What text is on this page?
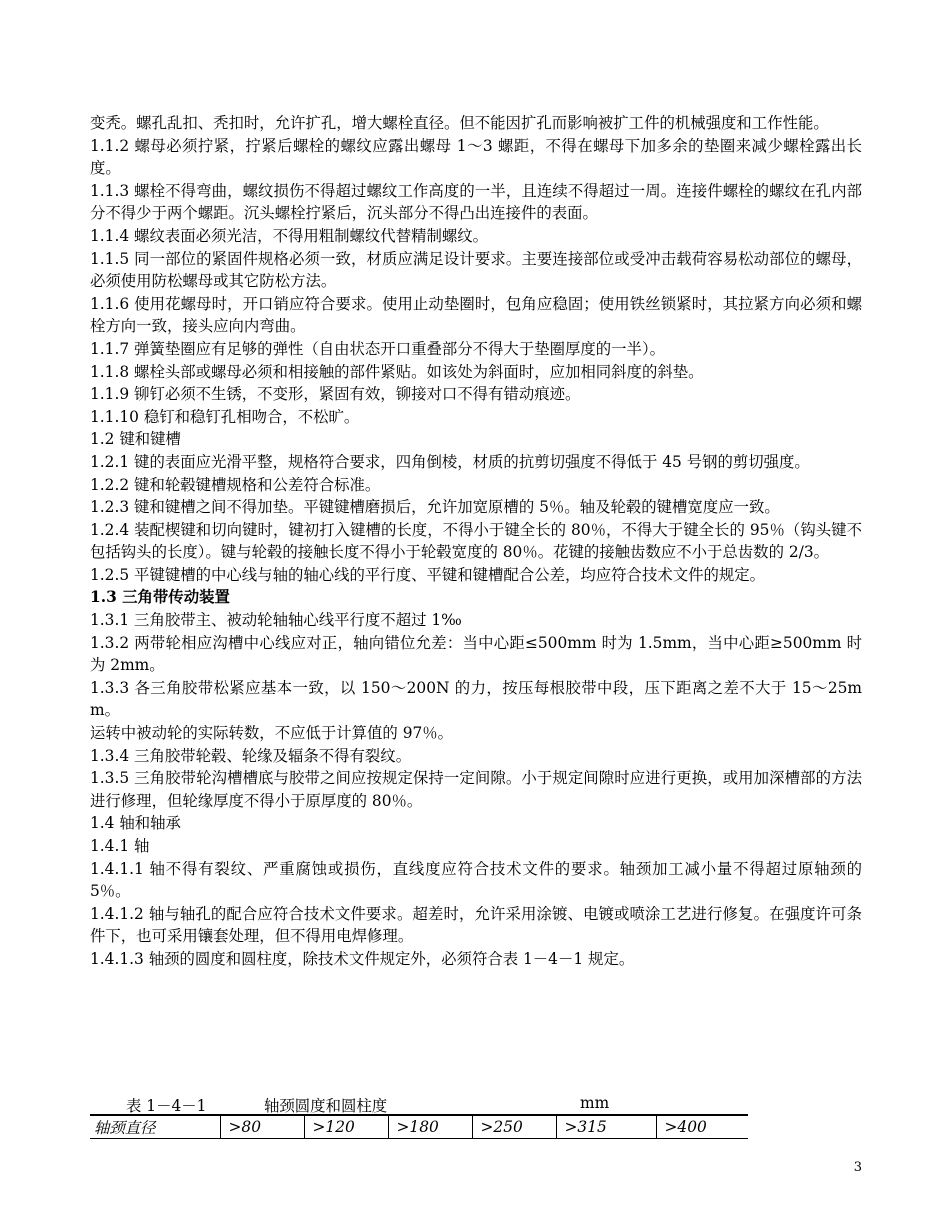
变秃。螺孔乱扣、秃扣时，允许扩孔，增大螺栓直径。但不能因扩孔而影响被扩工件的机械强度和工作性能。

1.1.2 螺母必须拧紧，拧紧后螺栓的螺纹应露出螺母 1～3 螺距，不得在螺母下加多余的垫圈来减少螺栓露出长度。

1.1.3 螺栓不得弯曲，螺纹损伤不得超过螺纹工作高度的一半，且连续不得超过一周。连接件螺栓的螺纹在孔内部分不得少于两个螺距。沉头螺栓拧紧后，沉头部分不得凸出连接件的表面。

1.1.4 螺纹表面必须光洁，不得用粗制螺纹代替精制螺纹。

1.1.5 同一部位的紧固件规格必须一致，材质应满足设计要求。主要连接部位或受冲击载荷容易松动部位的螺母，必须使用防松螺母或其它防松方法。

1.1.6 使用花螺母时，开口销应符合要求。使用止动垫圈时，包角应稳固；使用铁丝锁紧时，其拉紧方向必须和螺栓方向一致，接头应向内弯曲。

1.1.7 弹簧垫圈应有足够的弹性（自由状态开口重叠部分不得大于垫圈厚度的一半）。

1.1.8 螺栓头部或螺母必须和相接触的部件紧贴。如该处为斜面时，应加相同斜度的斜垫。

1.1.9 铆钉必须不生锈，不变形，紧固有效，铆接对口不得有错动痕迹。

1.1.10 稳钉和稳钉孔相吻合，不松旷。

1.2 键和键槽

1.2.1 键的表面应光滑平整，规格符合要求，四角倒棱，材质的抗剪切强度不得低于 45 号钢的剪切强度。

1.2.2 键和轮毂键槽规格和公差符合标准。

1.2.3 键和键槽之间不得加垫。平键键槽磨损后，允许加宽原槽的 5％。轴及轮毂的键槽宽度应一致。

1.2.4 装配楔键和切向键时，键初打入键槽的长度，不得小于键全长的 80％，不得大于键全长的 95％（钩头键不包括钩头的长度）。键与轮毂的接触长度不得小于轮毂宽度的 80％。花键的接触齿数应不小于总齿数的 2/3。

1.2.5 平键键槽的中心线与轴的轴心线的平行度、平键和键槽配合公差，均应符合技术文件的规定。

1.3 三角带传动装置

1.3.1 三角胶带主、被动轮轴轴心线平行度不超过 1‰

1.3.2 两带轮相应沟槽中心线应对正，轴向错位允差：当中心距≤500mm 时为 1.5mm，当中心距≥500mm 时为 2mm。

1.3.3 各三角胶带松紧应基本一致，以 150～200N 的力，按压每根胶带中段，压下距离之差不大于 15～25mm。

运转中被动轮的实际转数，不应低于计算值的 97％。

1.3.4 三角胶带轮毂、轮缘及辐条不得有裂纹。

1.3.5 三角胶带轮沟槽槽底与胶带之间应按规定保持一定间隙。小于规定间隙时应进行更换，或用加深槽部的方法进行修理，但轮缘厚度不得小于原厚度的 80％。

1.4 轴和轴承

1.4.1 轴

1.4.1.1 轴不得有裂纹、严重腐蚀或损伤，直线度应符合技术文件的要求。轴颈加工减小量不得超过原轴颈的 5％。

1.4.1.2 轴与轴孔的配合应符合技术文件要求。超差时，允许采用涂镀、电镀或喷涂工艺进行修复。在强度许可条件下，也可采用镶套处理，但不得用电焊修理。

1.4.1.3 轴颈的圆度和圆柱度，除技术文件规定外，必须符合表 1－4－1 规定。

表 1－4－1	轴颈圆度和圆柱度	mm
轴颈直径	>80	>120	>180	>250	>315	>400
3
